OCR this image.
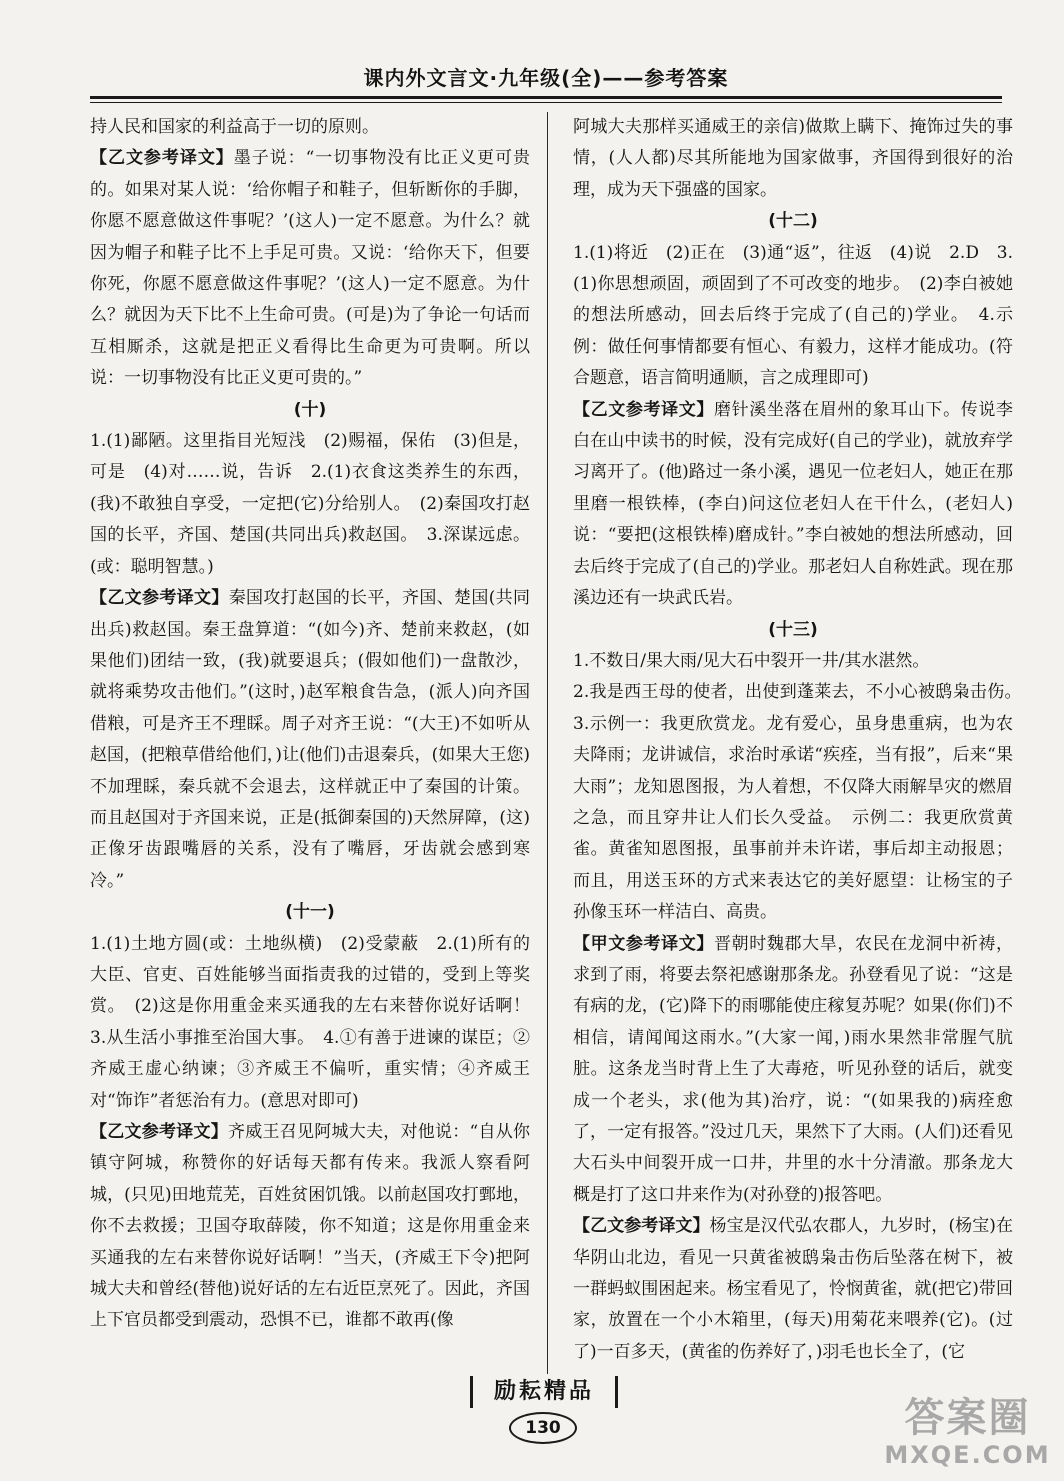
课内外文言文·九年级(全)——参考答案

持人民和国家的利益高于一切的原则。

【乙文参考译文】墨子说：“一切事物没有比正义更可贵的。如果对某人说：‘给你帽子和鞋子，但斩断你的手脚，你愿不愿意做这件事呢？’(这人)一定不愿意。为什么？就因为帽子和鞋子比不上手足可贵。又说：‘给你天下，但要你死，你愿不愿意做这件事呢？’(这人)一定不愿意。为什么？就因为天下比不上生命可贵。(可是)为了争论一句话而互相厮杀，这就是把正义看得比生命更为可贵啊。所以说：一切事物没有比正义更可贵的。”

(十)

1.(1)鄙陋。这里指目光短浅　(2)赐福，保佑　(3)但是，可是　(4)对……说，告诉　2.(1)衣食这类养生的东西，(我)不敢独自享受，一定把(它)分给别人。　(2)秦国攻打赵国的长平，齐国、楚国(共同出兵)救赵国。　3.深谋远虑。(或：聪明智慧。)

【乙文参考译文】秦国攻打赵国的长平，齐国、楚国(共同出兵)救赵国。秦王盘算道：“(如今)齐、楚前来救赵，(如果他们)团结一致，(我)就要退兵；(假如他们)一盘散沙，就将乘势攻击他们。”(这时，)赵军粮食告急，(派人)向齐国借粮，可是齐王不理睬。周子对齐王说：“(大王)不如听从赵国，(把粮草借给他们，)让(他们)击退秦兵，(如果大王您)不加理睬，秦兵就不会退去，这样就正中了秦国的计策。而且赵国对于齐国来说，正是(抵御秦国的)天然屏障，(这)正像牙齿跟嘴唇的关系，没有了嘴唇，牙齿就会感到寒冷。”

(十一)

1.(1)土地方圆(或：土地纵横)　(2)受蒙蔽　2.(1)所有的大臣、官吏、百姓能够当面指责我的过错的，受到上等奖赏。　(2)这是你用重金来买通我的左右来替你说好话啊！　3.从生活小事推至治国大事。　4.①有善于进谏的谋臣；②齐威王虚心纳谏；③齐威王不偏听，重实情；④齐威王对“饰诈”者惩治有力。(意思对即可)

【乙文参考译文】齐威王召见阿城大夫，对他说：“自从你镇守阿城，称赞你的好话每天都有传来。我派人察看阿城，(只见)田地荒芜，百姓贫困饥饿。以前赵国攻打鄄地，你不去救援；卫国夺取薛陵，你不知道；这是你用重金来买通我的左右来替你说好话啊！”当天，(齐威王下令)把阿城大夫和曾经(替他)说好话的左右近臣烹死了。因此，齐国上下官员都受到震动，恐惧不已，谁都不敢再(像

阿城大夫那样买通威王的亲信)做欺上瞒下、掩饰过失的事情，(人人都)尽其所能地为国家做事，齐国得到很好的治理，成为天下强盛的国家。

(十二)

1.(1)将近　(2)正在　(3)通“返”，往返　(4)说　2.D　3.(1)你思想顽固，顽固到了不可改变的地步。　(2)李白被她的想法所感动，回去后终于完成了(自己的)学业。　4.示例：做任何事情都要有恒心、有毅力，这样才能成功。(符合题意，语言简明通顺，言之成理即可)

【乙文参考译文】磨针溪坐落在眉州的象耳山下。传说李白在山中读书的时候，没有完成好(自己的学业)，就放弃学习离开了。(他)路过一条小溪，遇见一位老妇人，她正在那里磨一根铁棒，(李白)问这位老妇人在干什么，(老妇人)说：“要把(这根铁棒)磨成针。”李白被她的想法所感动，回去后终于完成了(自己的)学业。那老妇人自称姓武。现在那溪边还有一块武氏岩。

(十三)

1.不数日/果大雨/见大石中裂开一井/其水湛然。

2.我是西王母的使者，出使到蓬莱去，不小心被鸱枭击伤。　3.示例一：我更欣赏龙。龙有爱心，虽身患重病，也为农夫降雨；龙讲诚信，求治时承诺“疾痊，当有报”，后来“果大雨”；龙知恩图报，为人着想，不仅降大雨解旱灾的燃眉之急，而且穿井让人们长久受益。　示例二：我更欣赏黄雀。黄雀知恩图报，虽事前并未许诺，事后却主动报恩；而且，用送玉环的方式来表达它的美好愿望：让杨宝的子孙像玉环一样洁白、高贵。

【甲文参考译文】晋朝时魏郡大旱，农民在龙洞中祈祷，求到了雨，将要去祭祀感谢那条龙。孙登看见了说：“这是有病的龙，(它)降下的雨哪能使庄稼复苏呢？如果(你们)不相信，请闻闻这雨水。”(大家一闻，)雨水果然非常腥气肮脏。这条龙当时背上生了大毒疮，听见孙登的话后，就变成一个老头，求(他为其)治疗，说：“(如果我的)病痊愈了，一定有报答。”没过几天，果然下了大雨。(人们)还看见大石头中间裂开成一口井，井里的水十分清澈。那条龙大概是打了这口井来作为(对孙登的)报答吧。

【乙文参考译文】杨宝是汉代弘农郡人，九岁时，(杨宝)在华阴山北边，看见一只黄雀被鸱枭击伤后坠落在树下，被一群蚂蚁围困起来。杨宝看见了，怜悯黄雀，就(把它)带回家，放置在一个小木箱里，(每天)用菊花来喂养(它)。(过了)一百多天，(黄雀的伤养好了，)羽毛也长全了，(它

励耘精品
130	答案圈
MXQE.COM
